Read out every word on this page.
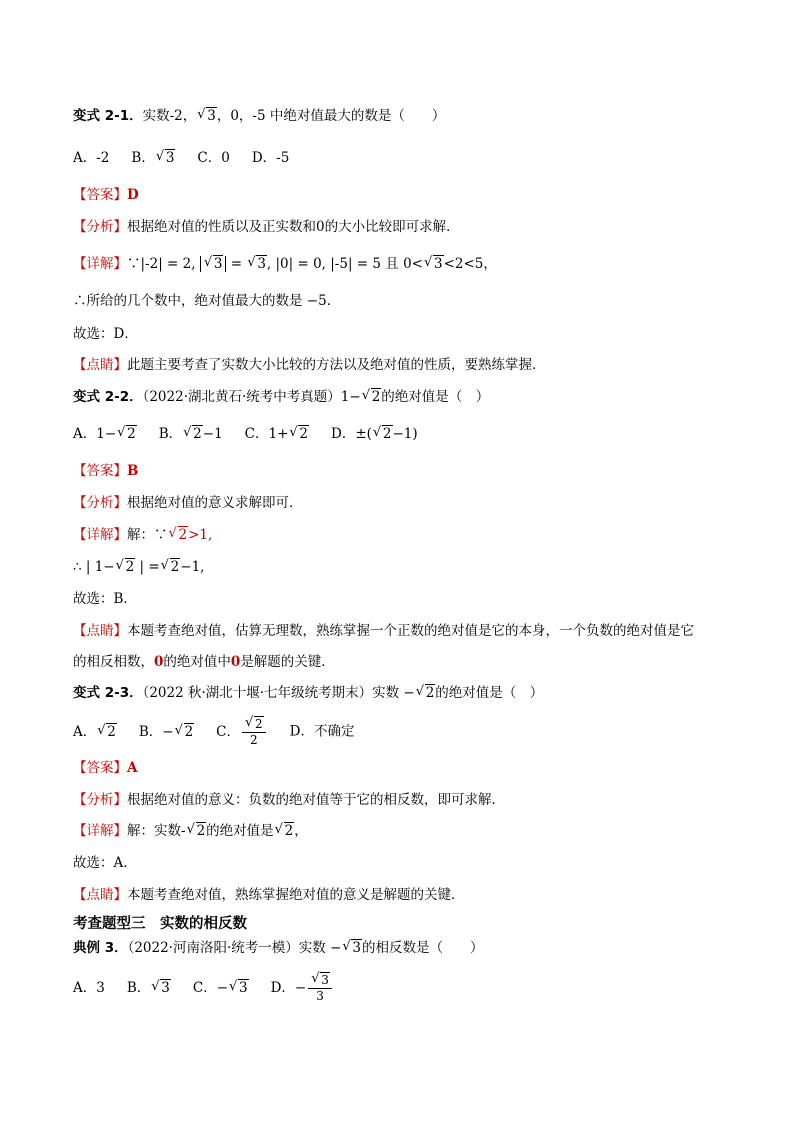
变式 2-1．实数-2， √ 3，0，-5 中绝对值最大的数是（　　）
A．-2 B． √ 3 C．0 D．-5
【答案】D
【分析】根据绝对值的性质以及正实数和0的大小比较即可求解．
【详解】∵|-2| = 2, √ 3 = √ 3, |0| = 0, |-5| = 5 且 0< √ 3<2<5，
∴所给的几个数中，绝对值最大的数是 −5．
故选：D．
【点睛】此题主要考查了实数大小比较的方法以及绝对值的性质，要熟练掌握．
变式 2-2．（2022·湖北黄石·统考中考真题）1− √ 2的绝对值是（　）
A．1− √ 2 B． √ 2−1 C．1+ √ 2 D．±( √ 2−1)
【答案】B
【分析】根据绝对值的意义求解即可．
【详解】解：∵ √ 2>1,
∴ | 1− √ 2 | = √ 2−1,
故选：B．
【点睛】本题考查绝对值，估算无理数，熟练掌握一个正数的绝对值是它的本身，一个负数的绝对值是它
的相反相数，0的绝对值中0是解题的关键．
变式 2-3．（2022 秋·湖北十堰·七年级统考期末）实数 − √ 2的绝对值是（　）
A． √ 2 B．− √ 2 C． √ $\frac{2}{2}$ D．不确定
【答案】A
【分析】根据绝对值的意义：负数的绝对值等于它的相反数，即可求解．
【详解】解：实数- √ 2的绝对值是 √ 2，
故选：A．
【点睛】本题考查绝对值，熟练掌握绝对值的意义是解题的关键．
考查题型三　实数的相反数
典例 3．（2022·河南洛阳·统考一模）实数 − √ 3的相反数是（　　）
A．3 B． √ 3 C．− √ 3 D．− √ $\frac{3}{3}$
